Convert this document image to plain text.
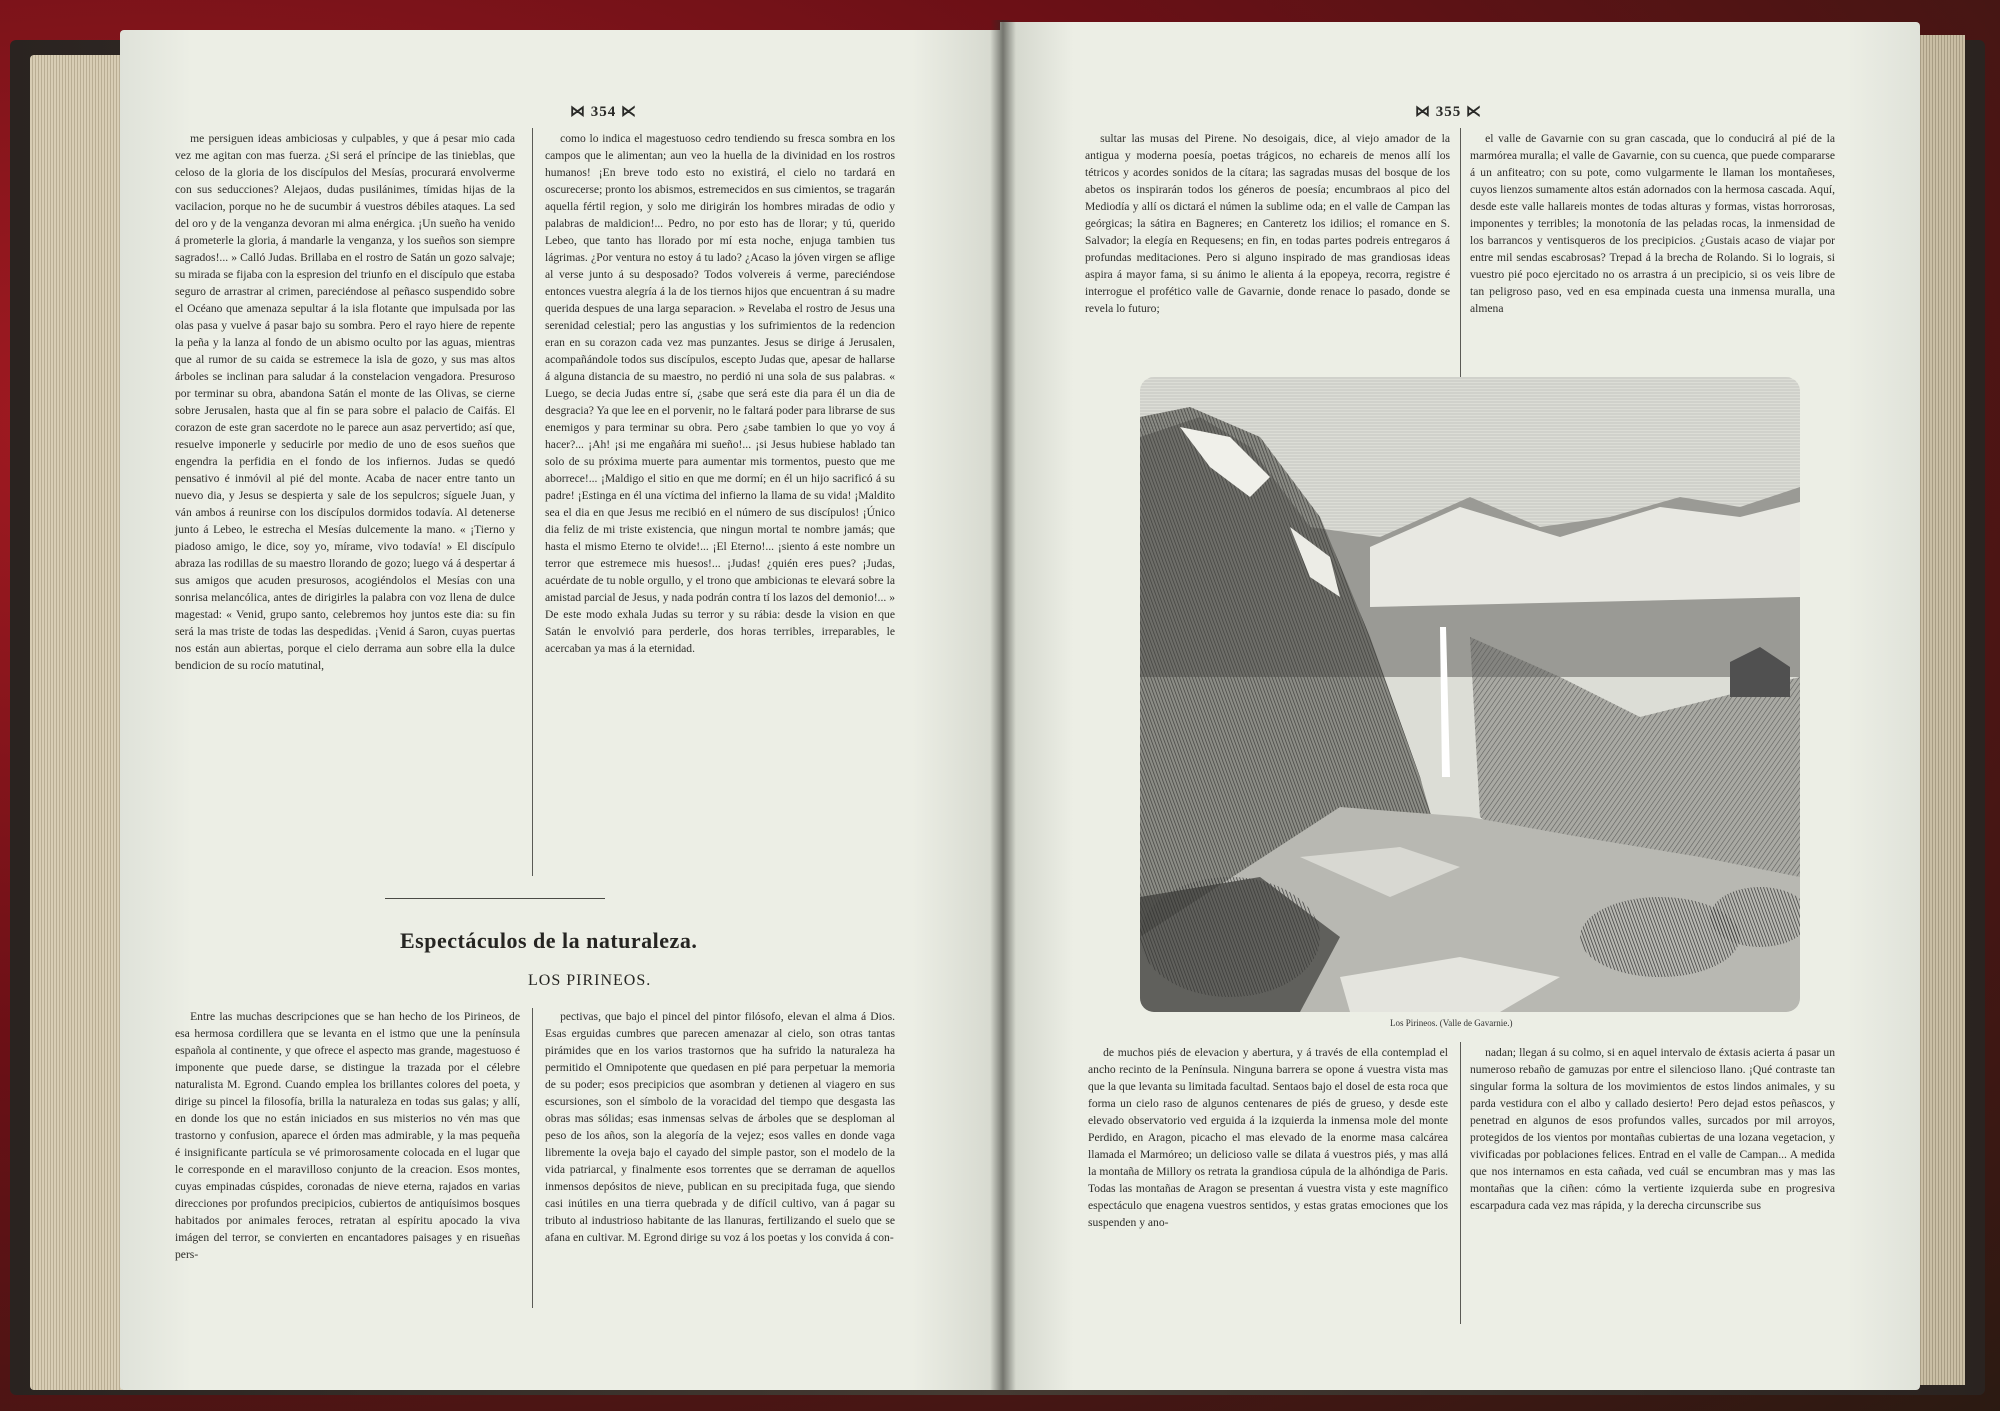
⋈ 354 ⋉

me persiguen ideas ambiciosas y culpables, y que á pesar mio cada vez me agitan con mas fuerza. ¿Si será el príncipe de las tinieblas, que celoso de la gloria de los discípulos del Mesías, procurará envolverme con sus seducciones? Alejaos, dudas pusilánimes, tímidas hijas de la vacilacion, porque no he de sucumbir á vuestros débiles ataques. La sed del oro y de la venganza devoran mi alma enérgica. ¡Un sueño ha venido á prometerle la gloria, á mandarle la venganza, y los sueños son siempre sagrados!... » Calló Judas. Brillaba en el rostro de Satán un gozo salvaje; su mirada se fijaba con la espresion del triunfo en el discípulo que estaba seguro de arrastrar al crimen, pareciéndose al peñasco suspendido sobre el Océano que amenaza sepultar á la isla flotante que impulsada por las olas pasa y vuelve á pasar bajo su sombra. Pero el rayo hiere de repente la peña y la lanza al fondo de un abismo oculto por las aguas, mientras que al rumor de su caida se estremece la isla de gozo, y sus mas altos árboles se inclinan para saludar á la constelacion vengadora. Presuroso por terminar su obra, abandona Satán el monte de las Olivas, se cierne sobre Jerusalen, hasta que al fin se para sobre el palacio de Caifás. El corazon de este gran sacerdote no le parece aun asaz pervertido; así que, resuelve imponerle y seducirle por medio de uno de esos sueños que engendra la perfidia en el fondo de los infiernos. Judas se quedó pensativo é inmóvil al pié del monte. Acaba de nacer entre tanto un nuevo dia, y Jesus se despierta y sale de los sepulcros; síguele Juan, y ván ambos á reunirse con los discípulos dormidos todavía. Al detenerse junto á Lebeo, le estrecha el Mesías dulcemente la mano. « ¡Tierno y piadoso amigo, le dice, soy yo, mírame, vivo todavía! » El discípulo abraza las rodillas de su maestro llorando de gozo; luego vá á despertar á sus amigos que acuden presurosos, acogiéndolos el Mesías con una sonrisa melancólica, antes de dirigirles la palabra con voz llena de dulce magestad: « Venid, grupo santo, celebremos hoy juntos este dia: su fin será la mas triste de todas las despedidas. ¡Venid á Saron, cuyas puertas nos están aun abiertas, porque el cielo derrama aun sobre ella la dulce bendicion de su rocío matutinal,

como lo indica el magestuoso cedro tendiendo su fresca sombra en los campos que le alimentan; aun veo la huella de la divinidad en los rostros humanos! ¡En breve todo esto no existirá, el cielo no tardará en oscurecerse; pronto los abismos, estremecidos en sus cimientos, se tragarán aquella fértil region, y solo me dirigirán los hombres miradas de odio y palabras de maldicion!... Pedro, no por esto has de llorar; y tú, querido Lebeo, que tanto has llorado por mí esta noche, enjuga tambien tus lágrimas. ¿Por ventura no estoy á tu lado? ¿Acaso la jóven virgen se aflige al verse junto á su desposado? Todos volvereis á verme, pareciéndose entonces vuestra alegría á la de los tiernos hijos que encuentran á su madre querida despues de una larga separacion. » Revelaba el rostro de Jesus una serenidad celestial; pero las angustias y los sufrimientos de la redencion eran en su corazon cada vez mas punzantes. Jesus se dirige á Jerusalen, acompañándole todos sus discípulos, escepto Judas que, apesar de hallarse á alguna distancia de su maestro, no perdió ni una sola de sus palabras. « Luego, se decia Judas entre sí, ¿sabe que será este dia para él un dia de desgracia? Ya que lee en el porvenir, no le faltará poder para librarse de sus enemigos y para terminar su obra. Pero ¿sabe tambien lo que yo voy á hacer?... ¡Ah! ¡si me engañára mi sueño!... ¡si Jesus hubiese hablado tan solo de su próxima muerte para aumentar mis tormentos, puesto que me aborrece!... ¡Maldigo el sitio en que me dormí; en él un hijo sacrificó á su padre! ¡Estinga en él una víctima del infierno la llama de su vida! ¡Maldito sea el dia en que Jesus me recibió en el número de sus discípulos! ¡Único dia feliz de mi triste existencia, que ningun mortal te nombre jamás; que hasta el mismo Eterno te olvide!... ¡El Eterno!... ¡siento á este nombre un terror que estremece mis huesos!... ¡Judas! ¿quién eres pues? ¡Judas, acuérdate de tu noble orgullo, y el trono que ambicionas te elevará sobre la amistad parcial de Jesus, y nada podrán contra tí los lazos del demonio!... » De este modo exhala Judas su terror y su rábia: desde la vision en que Satán le envolvió para perderle, dos horas terribles, irreparables, le acercaban ya mas á la eternidad.

Espectáculos de la naturaleza.
LOS PIRINEOS.

Entre las muchas descripciones que se han hecho de los Pirineos, de esa hermosa cordillera que se levanta en el istmo que une la península española al continente, y que ofrece el aspecto mas grande, magestuoso é imponente que puede darse, se distingue la trazada por el célebre naturalista M. Egrond. Cuando emplea los brillantes colores del poeta, y dirige su pincel la filosofía, brilla la naturaleza en todas sus galas; y allí, en donde los que no están iniciados en sus misterios no vén mas que trastorno y confusion, aparece el órden mas admirable, y la mas pequeña é insignificante partícula se vé primorosamente colocada en el lugar que le corresponde en el maravilloso conjunto de la creacion. Esos montes, cuyas empinadas cúspides, coronadas de nieve eterna, rajados en varias direcciones por profundos precipicios, cubiertos de antiquísimos bosques habitados por animales feroces, retratan al espíritu apocado la viva imágen del terror, se convierten en encantadores paisages y en risueñas pers-

pectivas, que bajo el pincel del pintor filósofo, elevan el alma á Dios. Esas erguidas cumbres que parecen amenazar al cielo, son otras tantas pirámides que en los varios trastornos que ha sufrido la naturaleza ha permitido el Omnipotente que quedasen en pié para perpetuar la memoria de su poder; esos precipicios que asombran y detienen al viagero en sus escursiones, son el símbolo de la voracidad del tiempo que desgasta las obras mas sólidas; esas inmensas selvas de árboles que se desploman al peso de los años, son la alegoría de la vejez; esos valles en donde vaga libremente la oveja bajo el cayado del simple pastor, son el modelo de la vida patriarcal, y finalmente esos torrentes que se derraman de aquellos inmensos depósitos de nieve, publican en su precipitada fuga, que siendo casi inútiles en una tierra quebrada y de difícil cultivo, van á pagar su tributo al industrioso habitante de las llanuras, fertilizando el suelo que se afana en cultivar. M. Egrond dirige su voz á los poetas y los convida á con-

⋈ 355 ⋉

sultar las musas del Pirene. No desoigais, dice, al viejo amador de la antigua y moderna poesía, poetas trágicos, no echareis de menos allí los tétricos y acordes sonidos de la cítara; las sagradas musas del bosque de los abetos os inspirarán todos los géneros de poesía; encumbraos al pico del Mediodía y allí os dictará el númen la sublime oda; en el valle de Campan las geórgicas; la sátira en Bagneres; en Canteretz los idilios; el romance en S. Salvador; la elegía en Requesens; en fin, en todas partes podreis entregaros á profundas meditaciones. Pero si alguno inspirado de mas grandiosas ideas aspira á mayor fama, si su ánimo le alienta á la epopeya, recorra, registre é interrogue el profético valle de Gavarnie, donde renace lo pasado, donde se revela lo futuro;

el valle de Gavarnie con su gran cascada, que lo conducirá al pié de la marmórea muralla; el valle de Gavarnie, con su cuenca, que puede compararse á un anfiteatro; con su pote, como vulgarmente le llaman los montañeses, cuyos lienzos sumamente altos están adornados con la hermosa cascada. Aquí, desde este valle hallareis montes de todas alturas y formas, vistas horrorosas, imponentes y terribles; la monotonía de las peladas rocas, la inmensidad de los barrancos y ventisqueros de los precipicios. ¿Gustais acaso de viajar por entre mil sendas escabrosas? Trepad á la brecha de Rolando. Si lo lograis, si vuestro pié poco ejercitado no os arrastra á un precipicio, si os veis libre de tan peligroso paso, ved en esa empinada cuesta una inmensa muralla, una almena

Los Pirineos. (Valle de Gavarnie.)

de muchos piés de elevacion y abertura, y á través de ella contemplad el ancho recinto de la Península. Ninguna barrera se opone á vuestra vista mas que la que levanta su limitada facultad. Sentaos bajo el dosel de esta roca que forma un cielo raso de algunos centenares de piés de grueso, y desde este elevado observatorio ved erguida á la izquierda la inmensa mole del monte Perdido, en Aragon, picacho el mas elevado de la enorme masa calcárea llamada el Marmóreo; un delicioso valle se dilata á vuestros piés, y mas allá la montaña de Millory os retrata la grandiosa cúpula de la alhóndiga de Paris. Todas las montañas de Aragon se presentan á vuestra vista y este magnífico espectáculo que enagena vuestros sentidos, y estas gratas emociones que los suspenden y ano-

nadan; llegan á su colmo, si en aquel intervalo de éxtasis acierta á pasar un numeroso rebaño de gamuzas por entre el silencioso llano. ¡Qué contraste tan singular forma la soltura de los movimientos de estos lindos animales, y su parda vestidura con el albo y callado desierto! Pero dejad estos peñascos, y penetrad en algunos de esos profundos valles, surcados por mil arroyos, protegidos de los vientos por montañas cubiertas de una lozana vegetacion, y vivificadas por poblaciones felices. Entrad en el valle de Campan... A medida que nos internamos en esta cañada, ved cuál se encumbran mas y mas las montañas que la ciñen: cómo la vertiente izquierda sube en progresiva escarpadura cada vez mas rápida, y la derecha circunscribe sus
